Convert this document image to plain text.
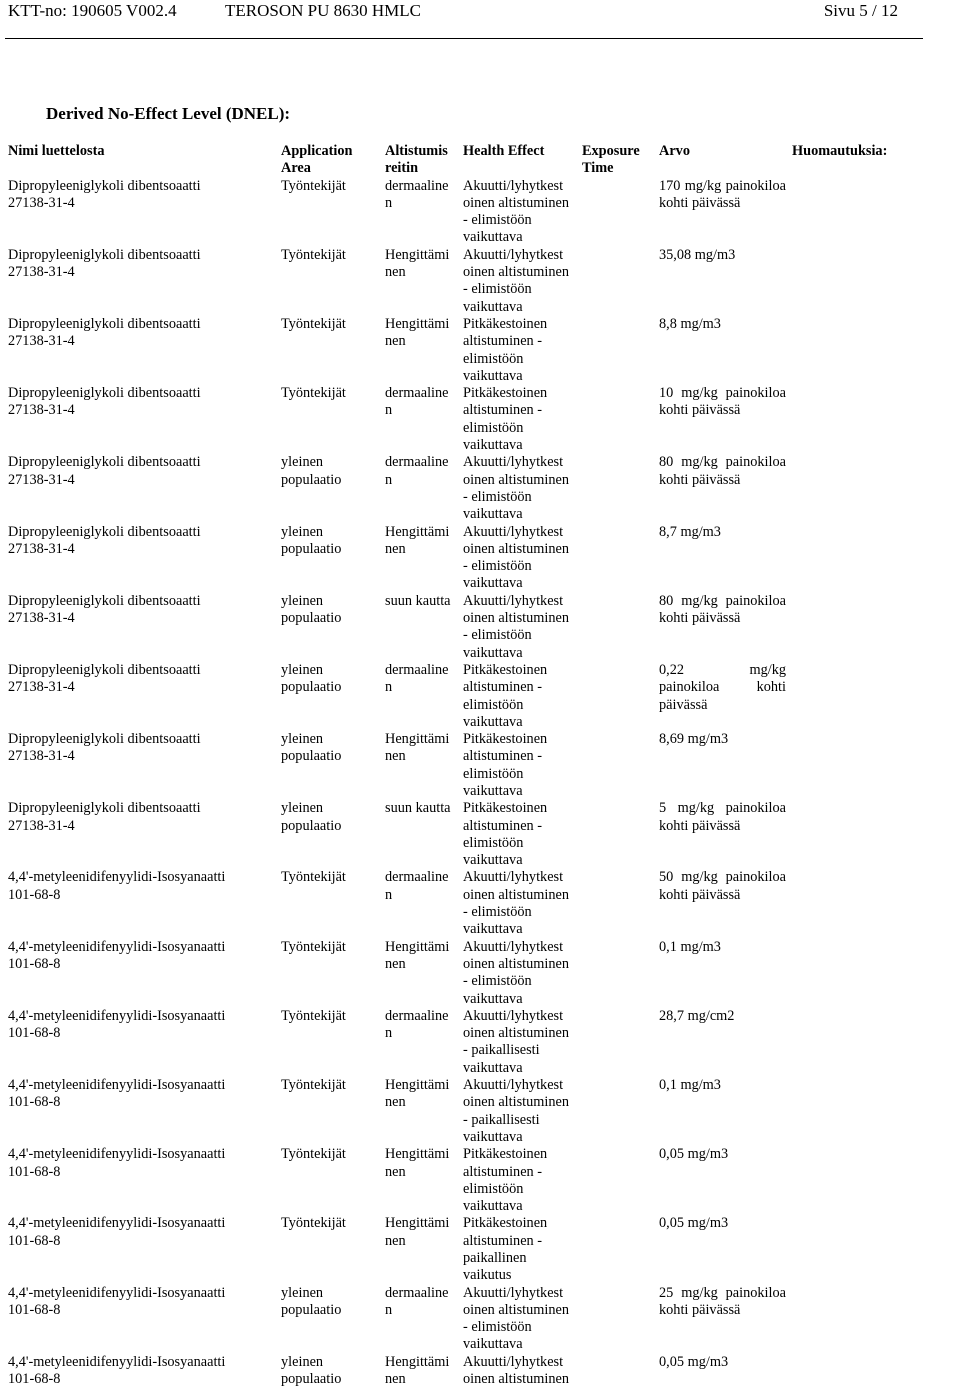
KTT-no: 190605 V002.4	TEROSON PU 8630 HMLC	Sivu 5 / 12
Derived No-Effect Level (DNEL):
Nimi luettelosta	Application Area	Altistumis reitin	Health Effect	Exposure Time	Arvo	Huomautuksia:

Dipropyleeniglykoli dibentsoaatti
27138-31-4	Työntekijät	dermaaline n	Akuutti/lyhytkest oinen altistuminen - elimistöön vaikuttava		170 mg/kg painokiloa kohti päivässä	

Dipropyleeniglykoli dibentsoaatti
27138-31-4	Työntekijät	Hengittämi nen	Akuutti/lyhytkest oinen altistuminen - elimistöön vaikuttava		35,08 mg/m3	

Dipropyleeniglykoli dibentsoaatti
27138-31-4	Työntekijät	Hengittämi nen	Pitkäkestoinen altistuminen - elimistöön vaikuttava		8,8 mg/m3	

Dipropyleeniglykoli dibentsoaatti
27138-31-4	Työntekijät	dermaaline n	Pitkäkestoinen altistuminen - elimistöön vaikuttava		10 mg/kg painokiloa kohti päivässä	

Dipropyleeniglykoli dibentsoaatti
27138-31-4	yleinen populaatio	dermaaline n	Akuutti/lyhytkest oinen altistuminen - elimistöön vaikuttava		80 mg/kg painokiloa kohti päivässä	

Dipropyleeniglykoli dibentsoaatti
27138-31-4	yleinen populaatio	Hengittämi nen	Akuutti/lyhytkest oinen altistuminen - elimistöön vaikuttava		8,7 mg/m3	

Dipropyleeniglykoli dibentsoaatti
27138-31-4	yleinen populaatio	suun kautta	Akuutti/lyhytkest oinen altistuminen - elimistöön vaikuttava		80 mg/kg painokiloa kohti päivässä	

Dipropyleeniglykoli dibentsoaatti
27138-31-4	yleinen populaatio	dermaaline n	Pitkäkestoinen altistuminen - elimistöön vaikuttava		0,22 mg/kg painokiloa kohti päivässä	

Dipropyleeniglykoli dibentsoaatti
27138-31-4	yleinen populaatio	Hengittämi nen	Pitkäkestoinen altistuminen - elimistöön vaikuttava		8,69 mg/m3	

Dipropyleeniglykoli dibentsoaatti
27138-31-4	yleinen populaatio	suun kautta	Pitkäkestoinen altistuminen - elimistöön vaikuttava		5 mg/kg painokiloa kohti päivässä	

4,4'-metyleenidifenyylidi-Isosyanaatti
101-68-8	Työntekijät	dermaaline n	Akuutti/lyhytkest oinen altistuminen - elimistöön vaikuttava		50 mg/kg painokiloa kohti päivässä	

4,4'-metyleenidifenyylidi-Isosyanaatti
101-68-8	Työntekijät	Hengittämi nen	Akuutti/lyhytkest oinen altistuminen - elimistöön vaikuttava		0,1 mg/m3	

4,4'-metyleenidifenyylidi-Isosyanaatti
101-68-8	Työntekijät	dermaaline n	Akuutti/lyhytkest oinen altistuminen - paikallisesti vaikuttava		28,7 mg/cm2	

4,4'-metyleenidifenyylidi-Isosyanaatti
101-68-8	Työntekijät	Hengittämi nen	Akuutti/lyhytkest oinen altistuminen - paikallisesti vaikuttava		0,1 mg/m3	

4,4'-metyleenidifenyylidi-Isosyanaatti
101-68-8	Työntekijät	Hengittämi nen	Pitkäkestoinen altistuminen - elimistöön vaikuttava		0,05 mg/m3	

4,4'-metyleenidifenyylidi-Isosyanaatti
101-68-8	Työntekijät	Hengittämi nen	Pitkäkestoinen altistuminen - paikallinen vaikutus		0,05 mg/m3	

4,4'-metyleenidifenyylidi-Isosyanaatti
101-68-8	yleinen populaatio	dermaaline n	Akuutti/lyhytkest oinen altistuminen - elimistöön vaikuttava		25 mg/kg painokiloa kohti päivässä	

4,4'-metyleenidifenyylidi-Isosyanaatti
101-68-8	yleinen populaatio	Hengittämi nen	Akuutti/lyhytkest oinen altistuminen		0,05 mg/m3	
